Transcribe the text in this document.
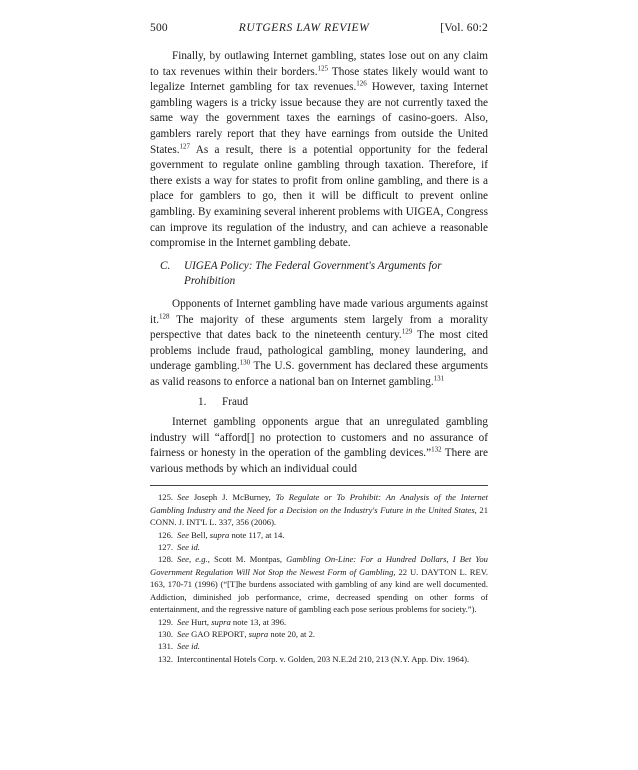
500	RUTGERS LAW REVIEW	[Vol. 60:2

Finally, by outlawing Internet gambling, states lose out on any claim to tax revenues within their borders.$^{125}$ Those states likely would want to legalize Internet gambling for tax revenues.$^{126}$ However, taxing Internet gambling wagers is a tricky issue because they are not currently taxed the same way the government taxes the earnings of casino-goers. Also, gamblers rarely report that they have earnings from outside the United States.$^{127}$ As a result, there is a potential opportunity for the federal government to regulate online gambling through taxation. Therefore, if there exists a way for states to profit from online gambling, and there is a place for gamblers to go, then it will be difficult to prevent online gambling. By examining several inherent problems with UIGEA, Congress can improve its regulation of the industry, and can achieve a reasonable compromise in the Internet gambling debate.

C. UIGEA Policy: The Federal Government's Arguments for Prohibition

Opponents of Internet gambling have made various arguments against it.$^{128}$ The majority of these arguments stem largely from a morality perspective that dates back to the nineteenth century.$^{129}$ The most cited problems include fraud, pathological gambling, money laundering, and underage gambling.$^{130}$ The U.S. government has declared these arguments as valid reasons to enforce a national ban on Internet gambling.$^{131}$

1. Fraud

Internet gambling opponents argue that an unregulated gambling industry will “afford[] no protection to customers and no assurance of fairness or honesty in the operation of the gambling devices.”$^{132}$ There are various methods by which an individual could

125. See Joseph J. McBurney, To Regulate or To Prohibit: An Analysis of the Internet Gambling Industry and the Need for a Decision on the Industry's Future in the United States, 21 CONN. J. INT'L L. 337, 356 (2006).

126. See Bell, supra note 117, at 14.

127. See id.

128. See, e.g., Scott M. Montpas, Gambling On-Line: For a Hundred Dollars, I Bet You Government Regulation Will Not Stop the Newest Form of Gambling, 22 U. DAYTON L. REV. 163, 170-71 (1996) (“[T]he burdens associated with gambling of any kind are well documented. Addiction, diminished job performance, crime, decreased spending on other forms of entertainment, and the regressive nature of gambling each pose serious problems for society.”).

129. See Hurt, supra note 13, at 396.

130. See GAO REPORT, supra note 20, at 2.

131. See id.

132. Intercontinental Hotels Corp. v. Golden, 203 N.E.2d 210, 213 (N.Y. App. Div. 1964).
